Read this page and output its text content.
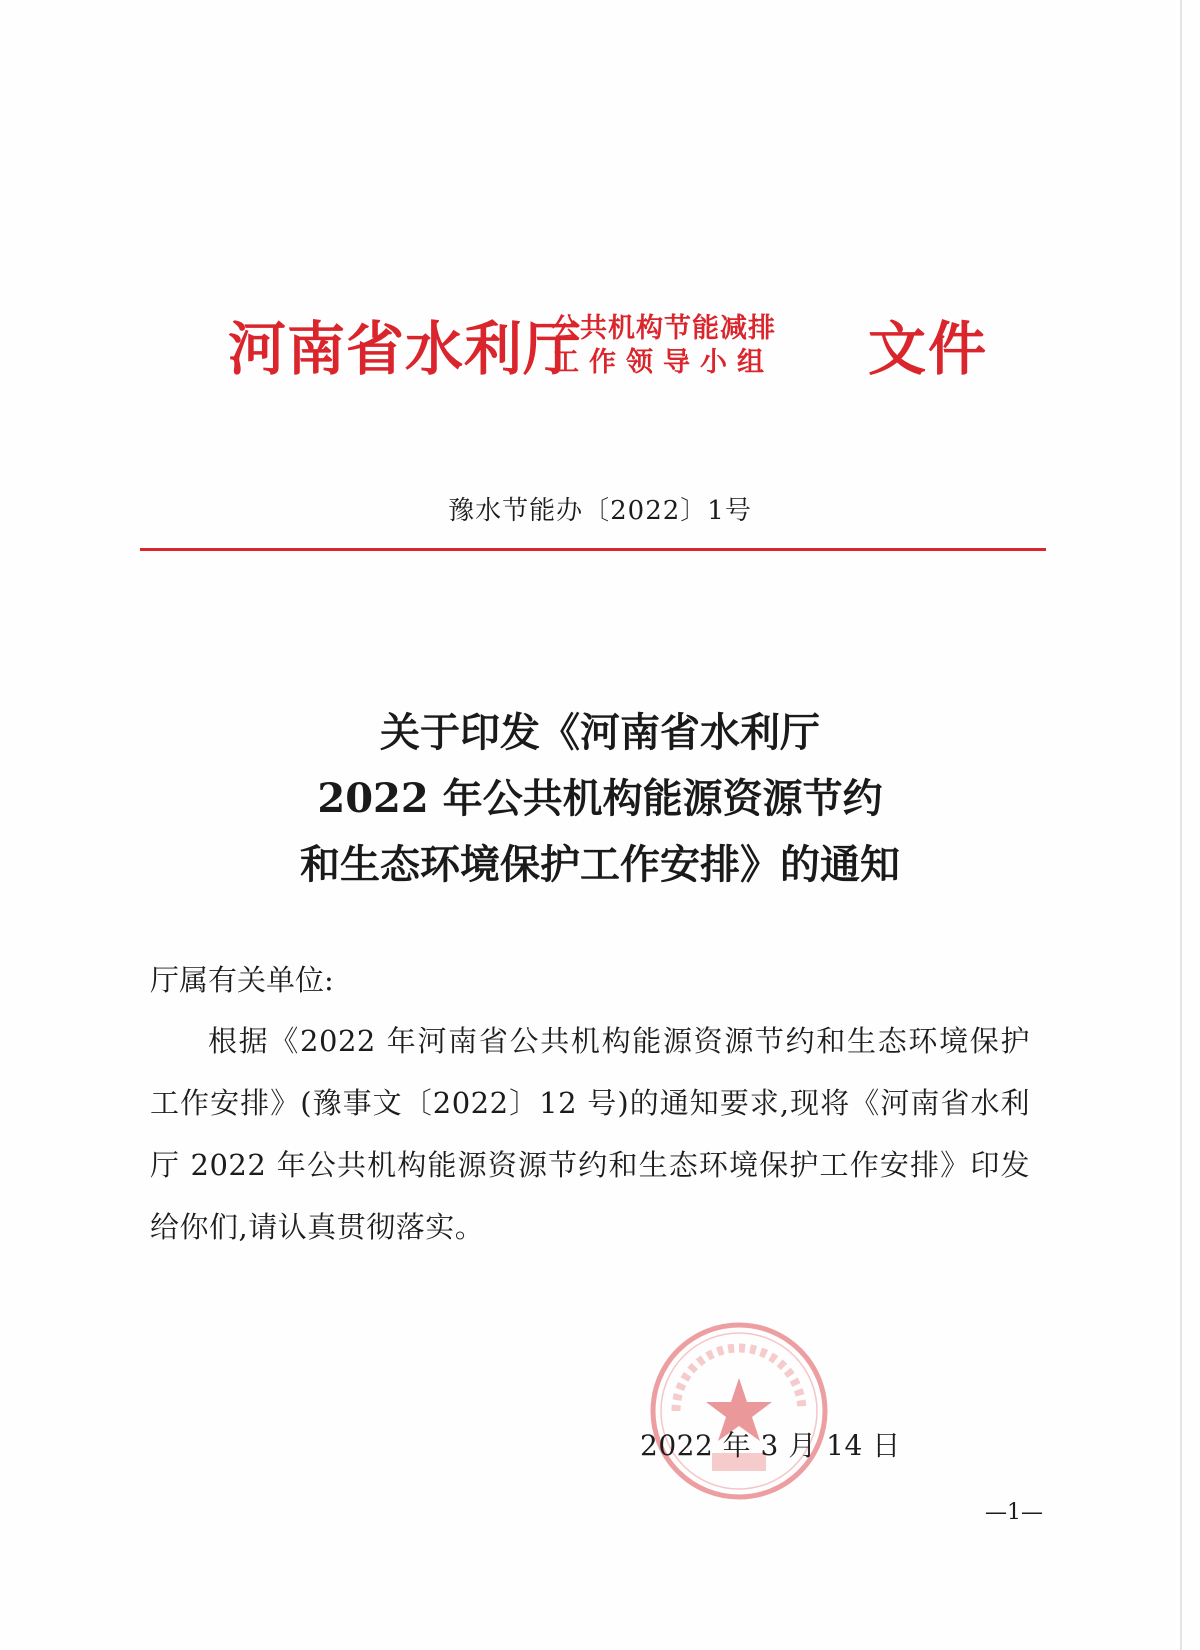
河南省水利厅
公共机构节能减排
工作领导小组	文件
豫水节能办〔2022〕1号
关于印发《河南省水利厅
2022 年公共机构能源资源节约
和生态环境保护工作安排》的通知
厅属有关单位:
根据《2022 年河南省公共机构能源资源节约和生态环境保护工作安排》(豫事文〔2022〕12 号)的通知要求,现将《河南省水利厅 2022 年公共机构能源资源节约和生态环境保护工作安排》印发给你们,请认真贯彻落实。
2022 年 3 月 14 日
—1—
